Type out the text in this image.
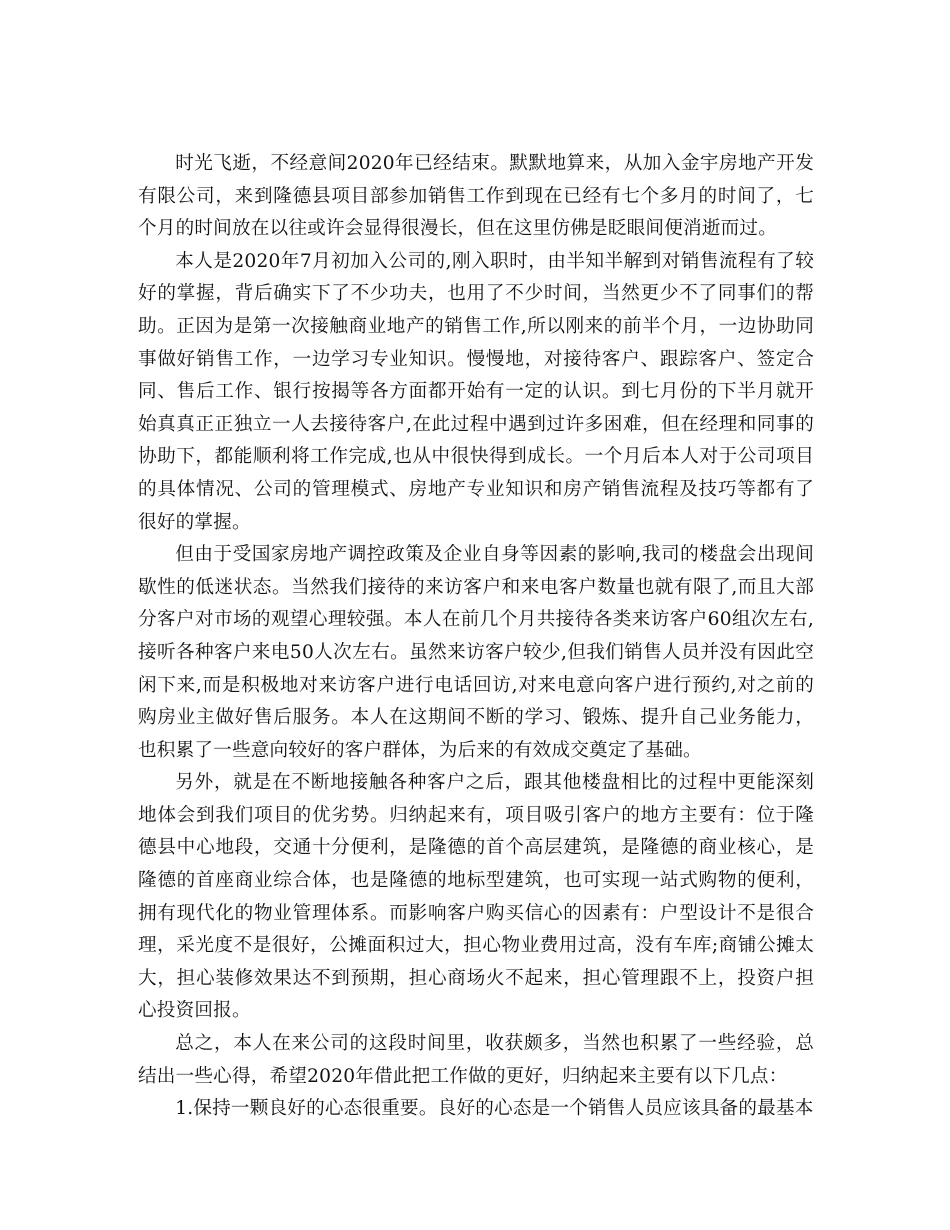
时光飞逝，不经意间2020年已经结束。默默地算来，从加入金宇房地产开发有限公司，来到隆德县项目部参加销售工作到现在已经有七个多月的时间了，七个月的时间放在以往或许会显得很漫长，但在这里仿佛是眨眼间便消逝而过。

本人是2020年7月初加入公司的,刚入职时，由半知半解到对销售流程有了较好的掌握，背后确实下了不少功夫，也用了不少时间，当然更少不了同事们的帮助。正因为是第一次接触商业地产的销售工作,所以刚来的前半个月，一边协助同事做好销售工作，一边学习专业知识。慢慢地，对接待客户、跟踪客户、签定合同、售后工作、银行按揭等各方面都开始有一定的认识。到七月份的下半月就开始真真正正独立一人去接待客户,在此过程中遇到过许多困难，但在经理和同事的协助下，都能顺利将工作完成,也从中很快得到成长。一个月后本人对于公司项目的具体情况、公司的管理模式、房地产专业知识和房产销售流程及技巧等都有了很好的掌握。

但由于受国家房地产调控政策及企业自身等因素的影响,我司的楼盘会出现间歇性的低迷状态。当然我们接待的来访客户和来电客户数量也就有限了,而且大部分客户对市场的观望心理较强。本人在前几个月共接待各类来访客户60组次左右,接听各种客户来电50人次左右。虽然来访客户较少,但我们销售人员并没有因此空闲下来,而是积极地对来访客户进行电话回访,对来电意向客户进行预约,对之前的购房业主做好售后服务。本人在这期间不断的学习、锻炼、提升自己业务能力，也积累了一些意向较好的客户群体，为后来的有效成交奠定了基础。

另外，就是在不断地接触各种客户之后，跟其他楼盘相比的过程中更能深刻地体会到我们项目的优劣势。归纳起来有，项目吸引客户的地方主要有：位于隆德县中心地段，交通十分便利，是隆德的首个高层建筑，是隆德的商业核心，是隆德的首座商业综合体，也是隆德的地标型建筑，也可实现一站式购物的便利，拥有现代化的物业管理体系。而影响客户购买信心的因素有：户型设计不是很合理，采光度不是很好，公摊面积过大，担心物业费用过高，没有车库;商铺公摊太大，担心装修效果达不到预期，担心商场火不起来，担心管理跟不上，投资户担心投资回报。

总之，本人在来公司的这段时间里，收获颇多，当然也积累了一些经验，总结出一些心得，希望2020年借此把工作做的更好，归纳起来主要有以下几点：

1.保持一颗良好的心态很重要。良好的心态是一个销售人员应该具备的最基本
